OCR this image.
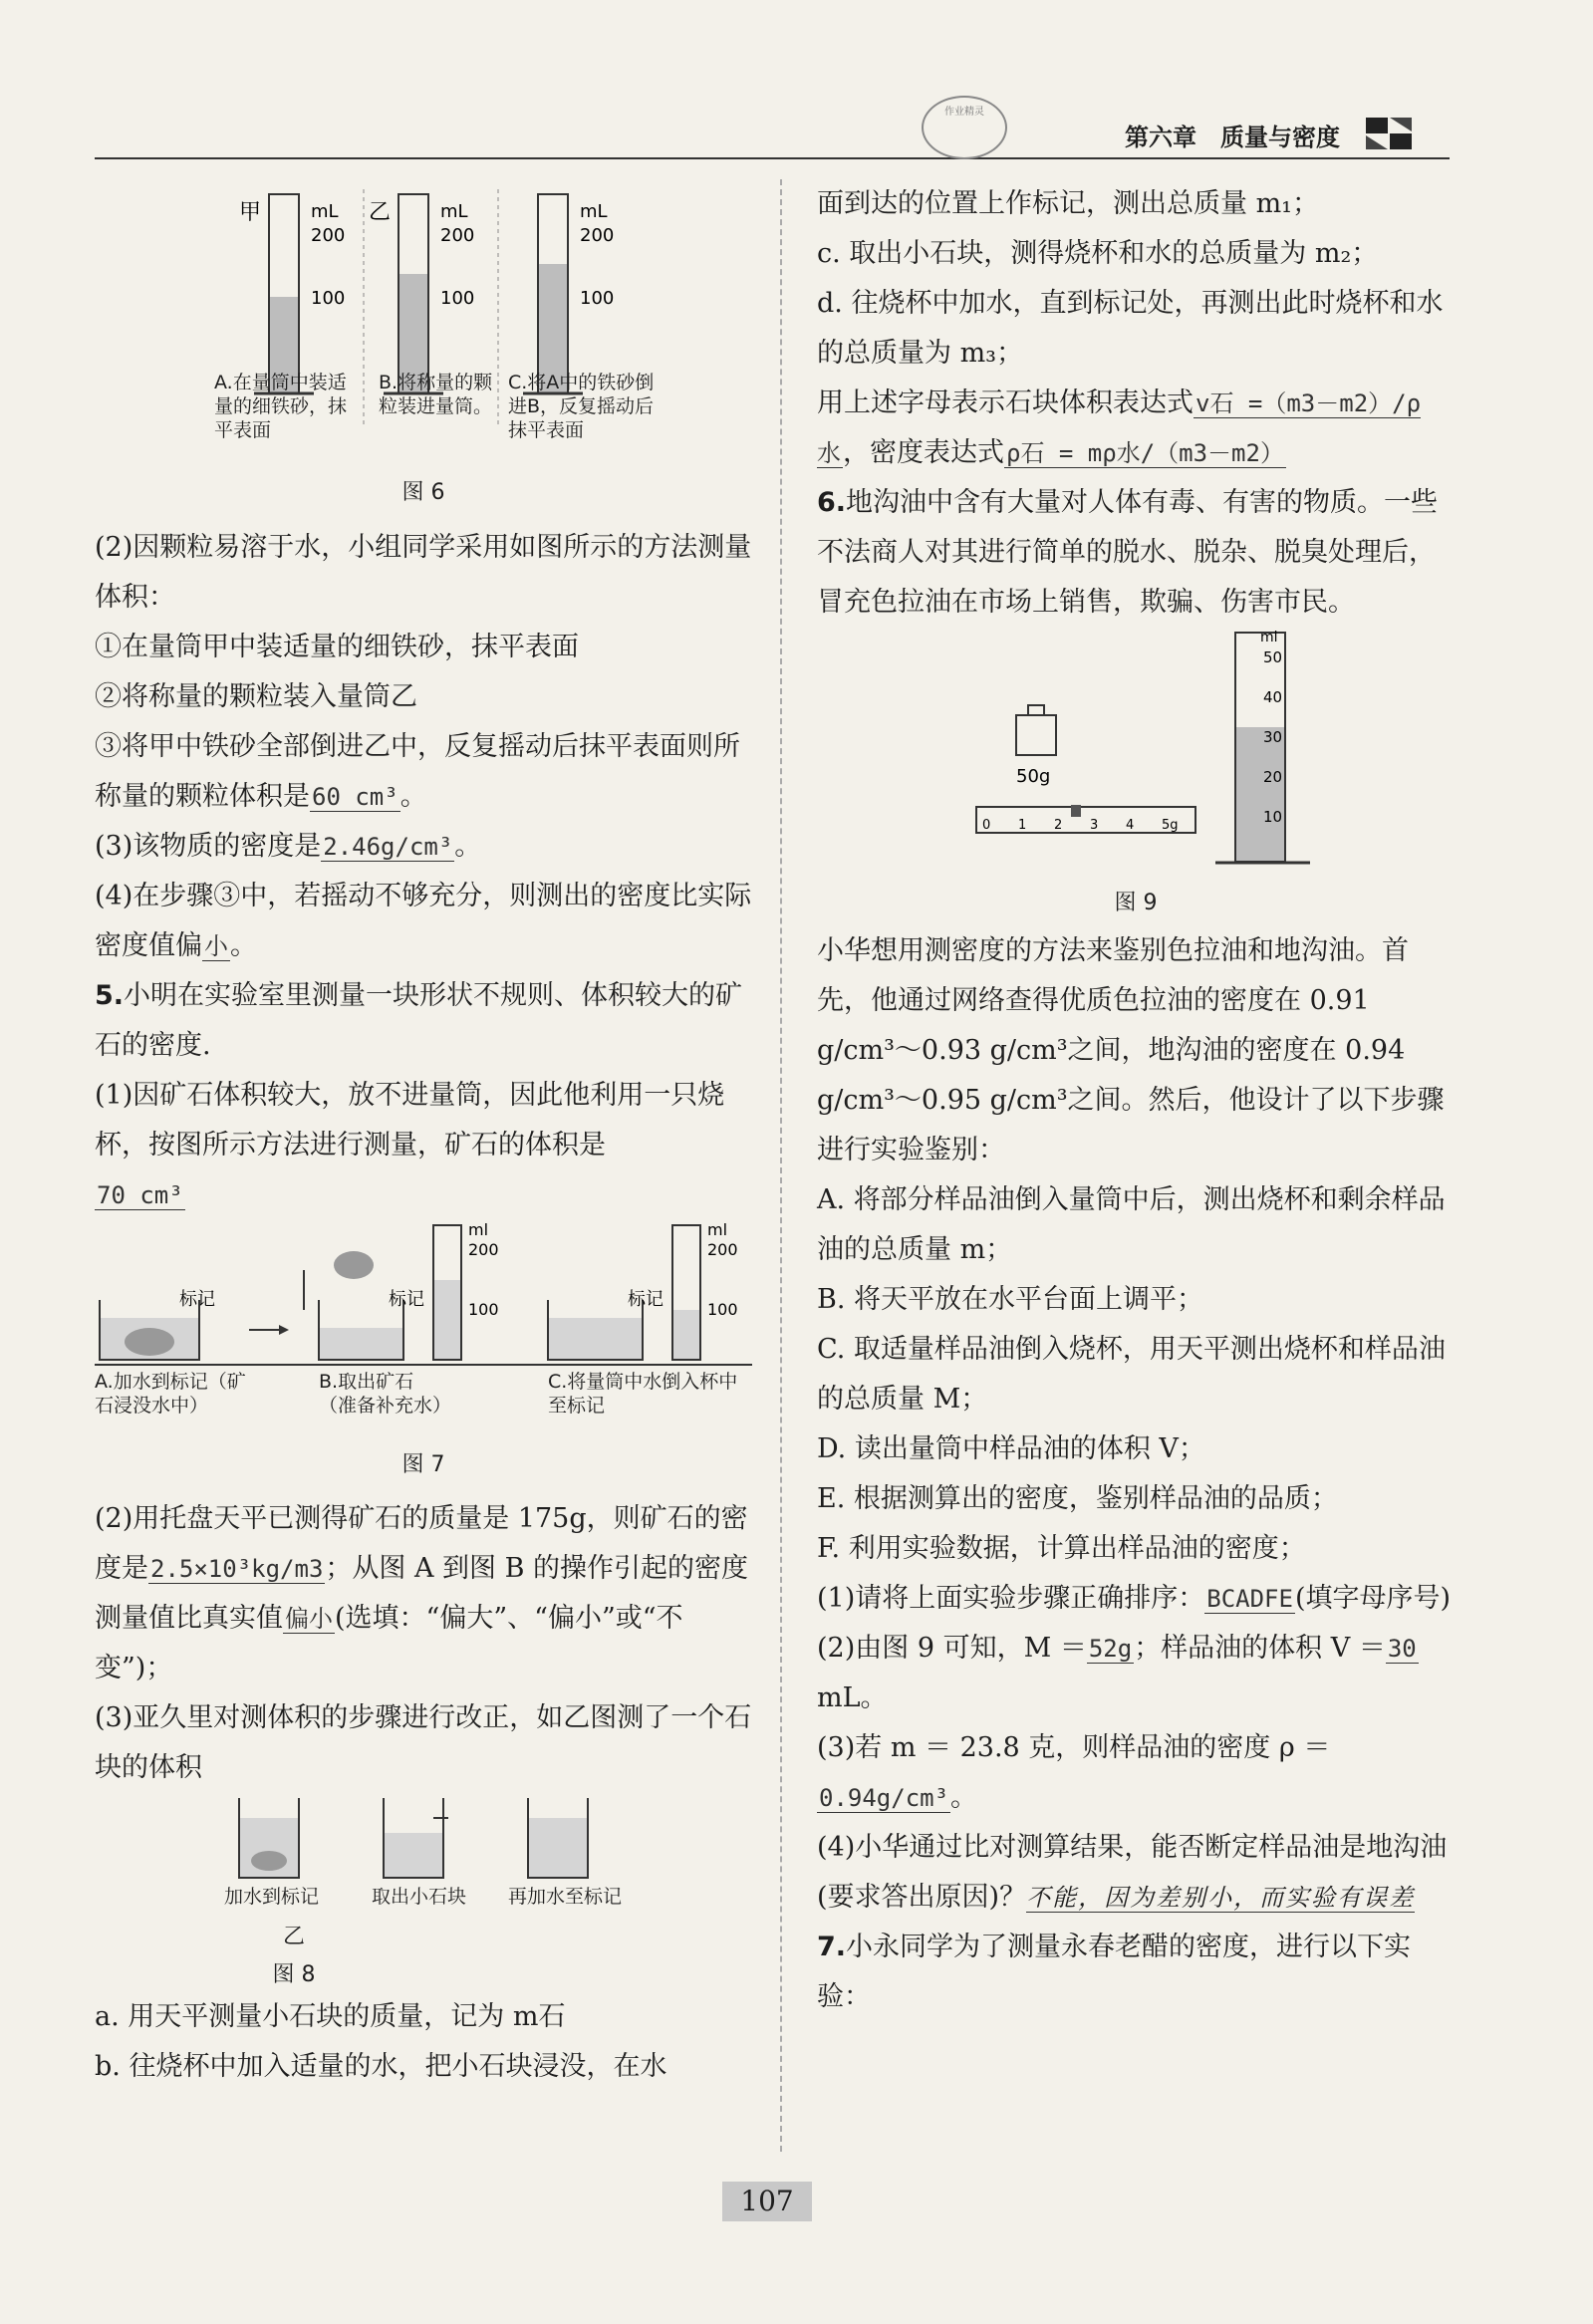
第六章　质量与密度
作业精灵
甲	mL
200
100
乙	mL
200
100
mL
200
100
A.在量筒中装适量的细铁砂，抹平表面
B.将称量的颗粒装进量筒。
C.将A中的铁砂倒进B，反复摇动后抹平表面
图 6

(2)因颗粒易溶于水，小组同学采用如图所示的方法测量体积：

①在量筒甲中装适量的细铁砂，抹平表面

②将称量的颗粒装入量筒乙

③将甲中铁砂全部倒进乙中，反复摇动后抹平表面则所称量的颗粒体积是60 cm³。

(3)该物质的密度是2.46g/cm³。

(4)在步骤③中，若摇动不够充分，则测出的密度比实际密度值偏小。

5.小明在实验室里测量一块形状不规则、体积较大的矿石的密度.

(1)因矿石体积较大，放不进量筒，因此他利用一只烧杯，按图所示方法进行测量，矿石的体积是

70 cm³

标记	标记
ml
200
100	标记
ml
200
100
A.加水到标记（矿石浸没水中）
B.取出矿石（准备补充水）
C.将量筒中水倒入杯中至标记
图 7

(2)用托盘天平已测得矿石的质量是 175g，则矿石的密度是2.5×10³kg/m3；从图 A 到图 B 的操作引起的密度测量值比真实值偏小(选填：“偏大”、“偏小”或“不变”)；

(3)亚久里对测体积的步骤进行改正，如乙图测了一个石块的体积

加水到标记	取出小石块 再加水至标记
乙
图 8

a. 用天平测量小石块的质量，记为 m石

b. 往烧杯中加入适量的水，把小石块浸没，在水

面到达的位置上作标记，测出总质量 m₁；

c. 取出小石块，测得烧杯和水的总质量为 m₂；

d. 往烧杯中加水，直到标记处，再测出此时烧杯和水的总质量为 m₃；

用上述字母表示石块体积表达式v石 =（m3－m2）/ρ水，密度表达式ρ石 = mρ水/（m3－m2）

6.地沟油中含有大量对人体有毒、有害的物质。一些不法商人对其进行简单的脱水、脱杂、脱臭处理后，冒充色拉油在市场上销售，欺骗、伤害市民。

50g
0 1 2 3 4 5g
ml
50
40
30
20
10
图 9

小华想用测密度的方法来鉴别色拉油和地沟油。首先，他通过网络查得优质色拉油的密度在 0.91 g/cm³～0.93 g/cm³之间，地沟油的密度在 0.94 g/cm³～0.95 g/cm³之间。然后，他设计了以下步骤进行实验鉴别：

A. 将部分样品油倒入量筒中后，测出烧杯和剩余样品油的总质量 m；

B. 将天平放在水平台面上调平；

C. 取适量样品油倒入烧杯，用天平测出烧杯和样品油的总质量 M；

D. 读出量筒中样品油的体积 V；

E. 根据测算出的密度，鉴别样品油的品质；

F. 利用实验数据，计算出样品油的密度；

(1)请将上面实验步骤正确排序：BCADFE(填字母序号)

(2)由图 9 可知，M ＝52g；样品油的体积 V ＝30 mL。

(3)若 m ＝ 23.8 克，则样品油的密度 ρ ＝0.94g/cm³。

(4)小华通过比对测算结果，能否断定样品油是地沟油(要求答出原因)？不能，因为差别小，而实验有误差

7.小永同学为了测量永春老醋的密度，进行以下实验：

107
